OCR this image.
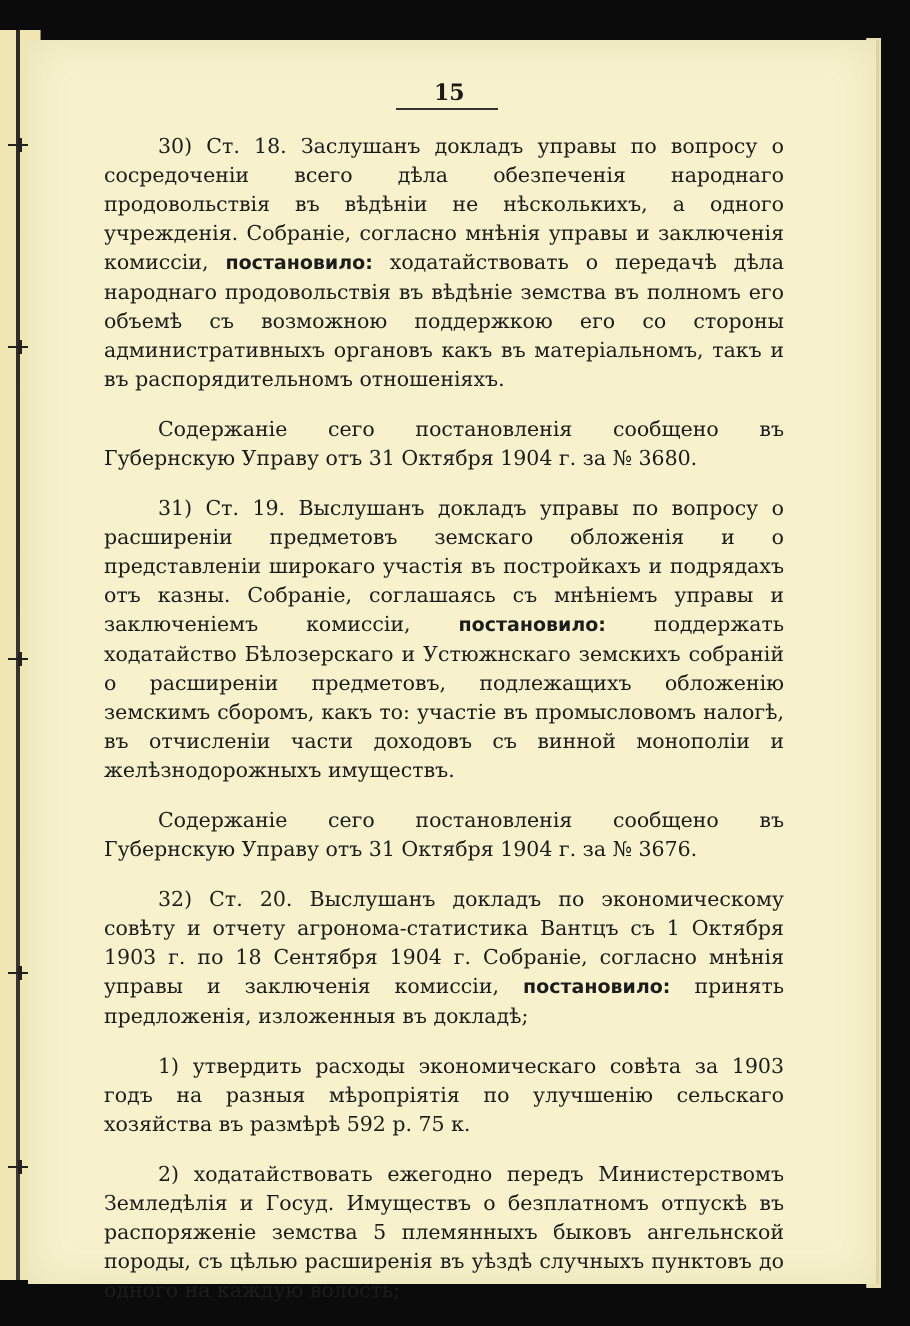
15

30) Ст. 18. Заслушанъ докладъ управы по вопросу о сосредоченіи всего дѣла обезпеченія народнаго продовольствія въ вѣдѣніи не нѣсколькихъ, а одного учрежденія. Собраніе, согласно мнѣнія управы и заключенія комиссіи, постановило: ходатайствовать о передачѣ дѣла народнаго продовольствія въ вѣдѣніе земства въ полномъ его объемѣ съ возможною поддержкою его со стороны административныхъ органовъ какъ въ матеріальномъ, такъ и въ распорядительномъ отношеніяхъ.

Содержаніе сего постановленія сообщено въ Губернскую Управу отъ 31 Октября 1904 г. за № 3680.

31) Ст. 19. Выслушанъ докладъ управы по вопросу о расширеніи предметовъ земскаго обложенія и о представленіи широкаго участія въ постройкахъ и подрядахъ отъ казны. Собраніе, соглашаясь съ мнѣніемъ управы и заключеніемъ комиссіи, постановило: поддержать ходатайство Бѣлозерскаго и Устюжнскаго земскихъ собраній о расширеніи предметовъ, подлежащихъ обложенію земскимъ сборомъ, какъ то: участіе въ промысловомъ налогѣ, въ отчисленіи части доходовъ съ винной монополіи и желѣзнодорожныхъ имуществъ.

Содержаніе сего постановленія сообщено въ Губернскую Управу отъ 31 Октября 1904 г. за № 3676.

32) Ст. 20. Выслушанъ докладъ по экономическому совѣту и отчету агронома-статистика Вантцъ съ 1 Октября 1903 г. по 18 Сентября 1904 г. Собраніе, согласно мнѣнія управы и заключенія комиссіи, постановило: принять предложенія, изложенныя въ докладѣ;

1) утвердить расходы экономическаго совѣта за 1903 годъ на разныя мѣропріятія по улучшенію сельскаго хозяйства въ размѣрѣ 592 р. 75 к.

2) ходатайствовать ежегодно передъ Министерствомъ Земледѣлія и Госуд. Имуществъ о безплатномъ отпускѣ въ распоряженіе земства 5 племянныхъ быковъ ангельнской породы, съ цѣлью расширенія въ уѣздѣ случныхъ пунктовъ до одного на каждую волость;
